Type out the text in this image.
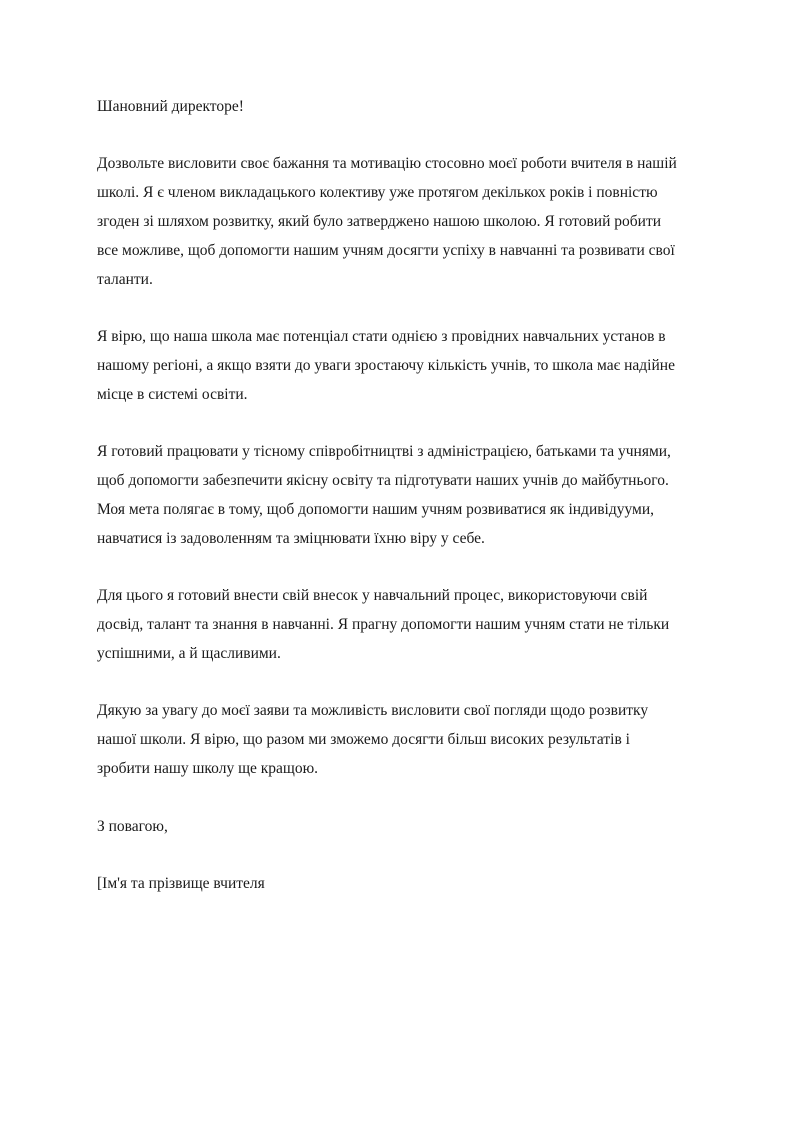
Шановний директоре!
Дозвольте висловити своє бажання та мотивацію стосовно моєї роботи вчителя в нашій
школі. Я є членом викладацького колективу уже протягом декількох років і повністю
згоден зі шляхом розвитку, який було затверджено нашою школою. Я готовий робити
все можливе, щоб допомогти нашим учням досягти успіху в навчанні та розвивати свої
таланти.
Я вірю, що наша школа має потенціал стати однією з провідних навчальних установ в
нашому регіоні, а якщо взяти до уваги зростаючу кількість учнів, то школа має надійне
місце в системі освіти.
Я готовий працювати у тісному співробітництві з адміністрацією, батьками та учнями,
щоб допомогти забезпечити якісну освіту та підготувати наших учнів до майбутнього.
Моя мета полягає в тому, щоб допомогти нашим учням розвиватися як індивідууми,
навчатися із задоволенням та зміцнювати їхню віру у себе.
Для цього я готовий внести свій внесок у навчальний процес, використовуючи свій
досвід, талант та знання в навчанні. Я прагну допомогти нашим учням стати не тільки
успішними, а й щасливими.
Дякую за увагу до моєї заяви та можливість висловити свої погляди щодо розвитку
нашої школи. Я вірю, що разом ми зможемо досягти більш високих результатів і
зробити нашу школу ще кращою.
З повагою,
[Ім'я та прізвище вчителя
